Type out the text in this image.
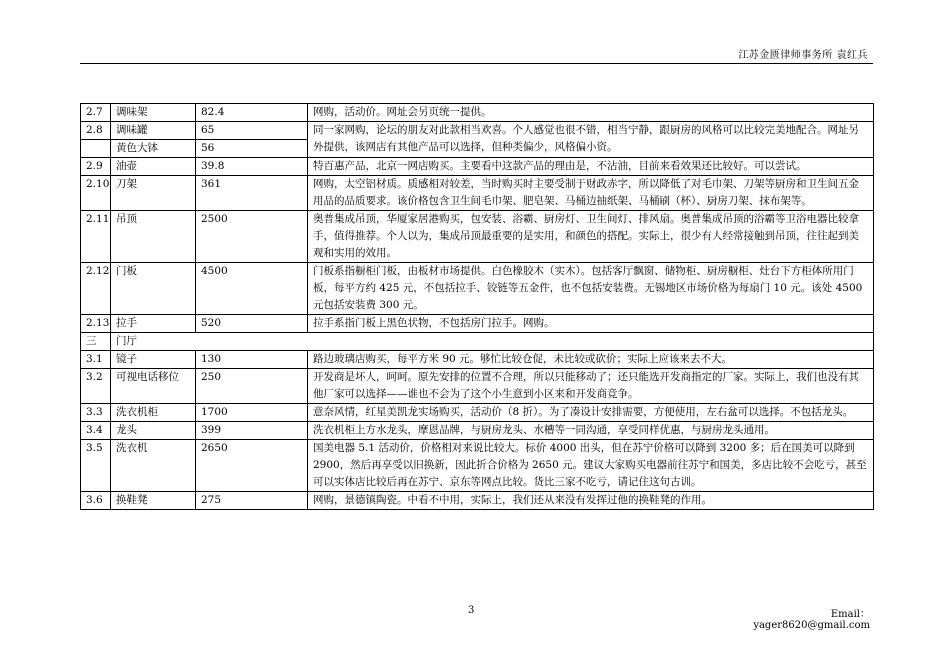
江苏金匮律师事务所 袁红兵
2.7	调味架	82.4	网购，活动价。网址会另页统一提供。
2.8	调味罐	65	同一家网购，论坛的朋友对此款相当欢喜。个人感觉也很不错，相当宁静，跟厨房的风格可以比较完美地配合。网址另外提供，该网店有其他产品可以选择，但种类偏少，风格偏小资。
	黄色大钵	56	
2.9	油壶	39.8	特百惠产品，北京一网店购买。主要看中这款产品的理由是，不沾油，目前来看效果还比较好。可以尝试。
2.10	刀架	361	网购，太空铝材质。质感相对较差，当时购买时主要受制于财政赤字，所以降低了对毛巾架、刀架等厨房和卫生间五金用品的品质要求。该价格包含卫生间毛巾架、肥皂架、马桶边抽纸架、马桶刷（杯）、厨房刀架、抹布架等。
2.11	吊顶	2500	奥普集成吊顶，华厦家居港购买，包安装、浴霸、厨房灯、卫生间灯、排风扇。奥普集成吊顶的浴霸等卫浴电器比较拿手，值得推荐。个人以为，集成吊顶最重要的是实用，和颜色的搭配。实际上，很少有人经常接触到吊顶，往往起到美观和实用的效用。
2.12	门板	4500	门板系指橱柜门板，由板材市场提供。白色橡胶木（实木）。包括客厅飘窗、储物柜、厨房橱柜、灶台下方柜体所用门板，每平方约 425 元，不包括拉手、铰链等五金件，也不包括安装费。无锡地区市场价格为每扇门 10 元。该处 4500 元包括安装费 300 元。
2.13	拉手	520	拉手系指门板上黑色状物，不包括房门拉手。网购。
三	门厅		
3.1	镜子	130	路边玻璃店购买，每平方米 90 元。够忙比较仓促，未比较或砍价；实际上应该来去不大。
3.2	可视电话移位	250	开发商是坏人，呵呵。原先安排的位置不合理，所以只能移动了；还只能选开发商指定的厂家。实际上，我们也没有其他厂家可以选择——谁也不会为了这个小生意到小区来和开发商竞争。
3.3	洗衣机柜	1700	意奈风情，红星美凯龙实场购买，活动价（8 折）。为了凑设计安排需要，方便使用，左右盆可以选择。不包括龙头。
3.4	龙头	399	洗衣机柜上方水龙头，摩恩品牌，与厨房龙头、水槽等一同沟通，享受同样优惠，与厨房龙头通用。
3.5	洗衣机	2650	国美电器 5.1 活动价，价格相对来说比较大。标价 4000 出头，但在苏宁价格可以降到 3200 多；后在国美可以降到 2900，然后再享受以旧换新，因此折合价格为 2650 元。建议大家购买电器前往苏宁和国美，多店比较不会吃亏，甚至可以实体店比较后再在苏宁、京东等网点比较。货比三家不吃亏，请记住这句古训。
3.6	换鞋凳	275	网购，景德镇陶瓷。中看不中用，实际上，我们还从来没有发挥过他的换鞋凳的作用。
3	Email：yager8620@gmail.com
